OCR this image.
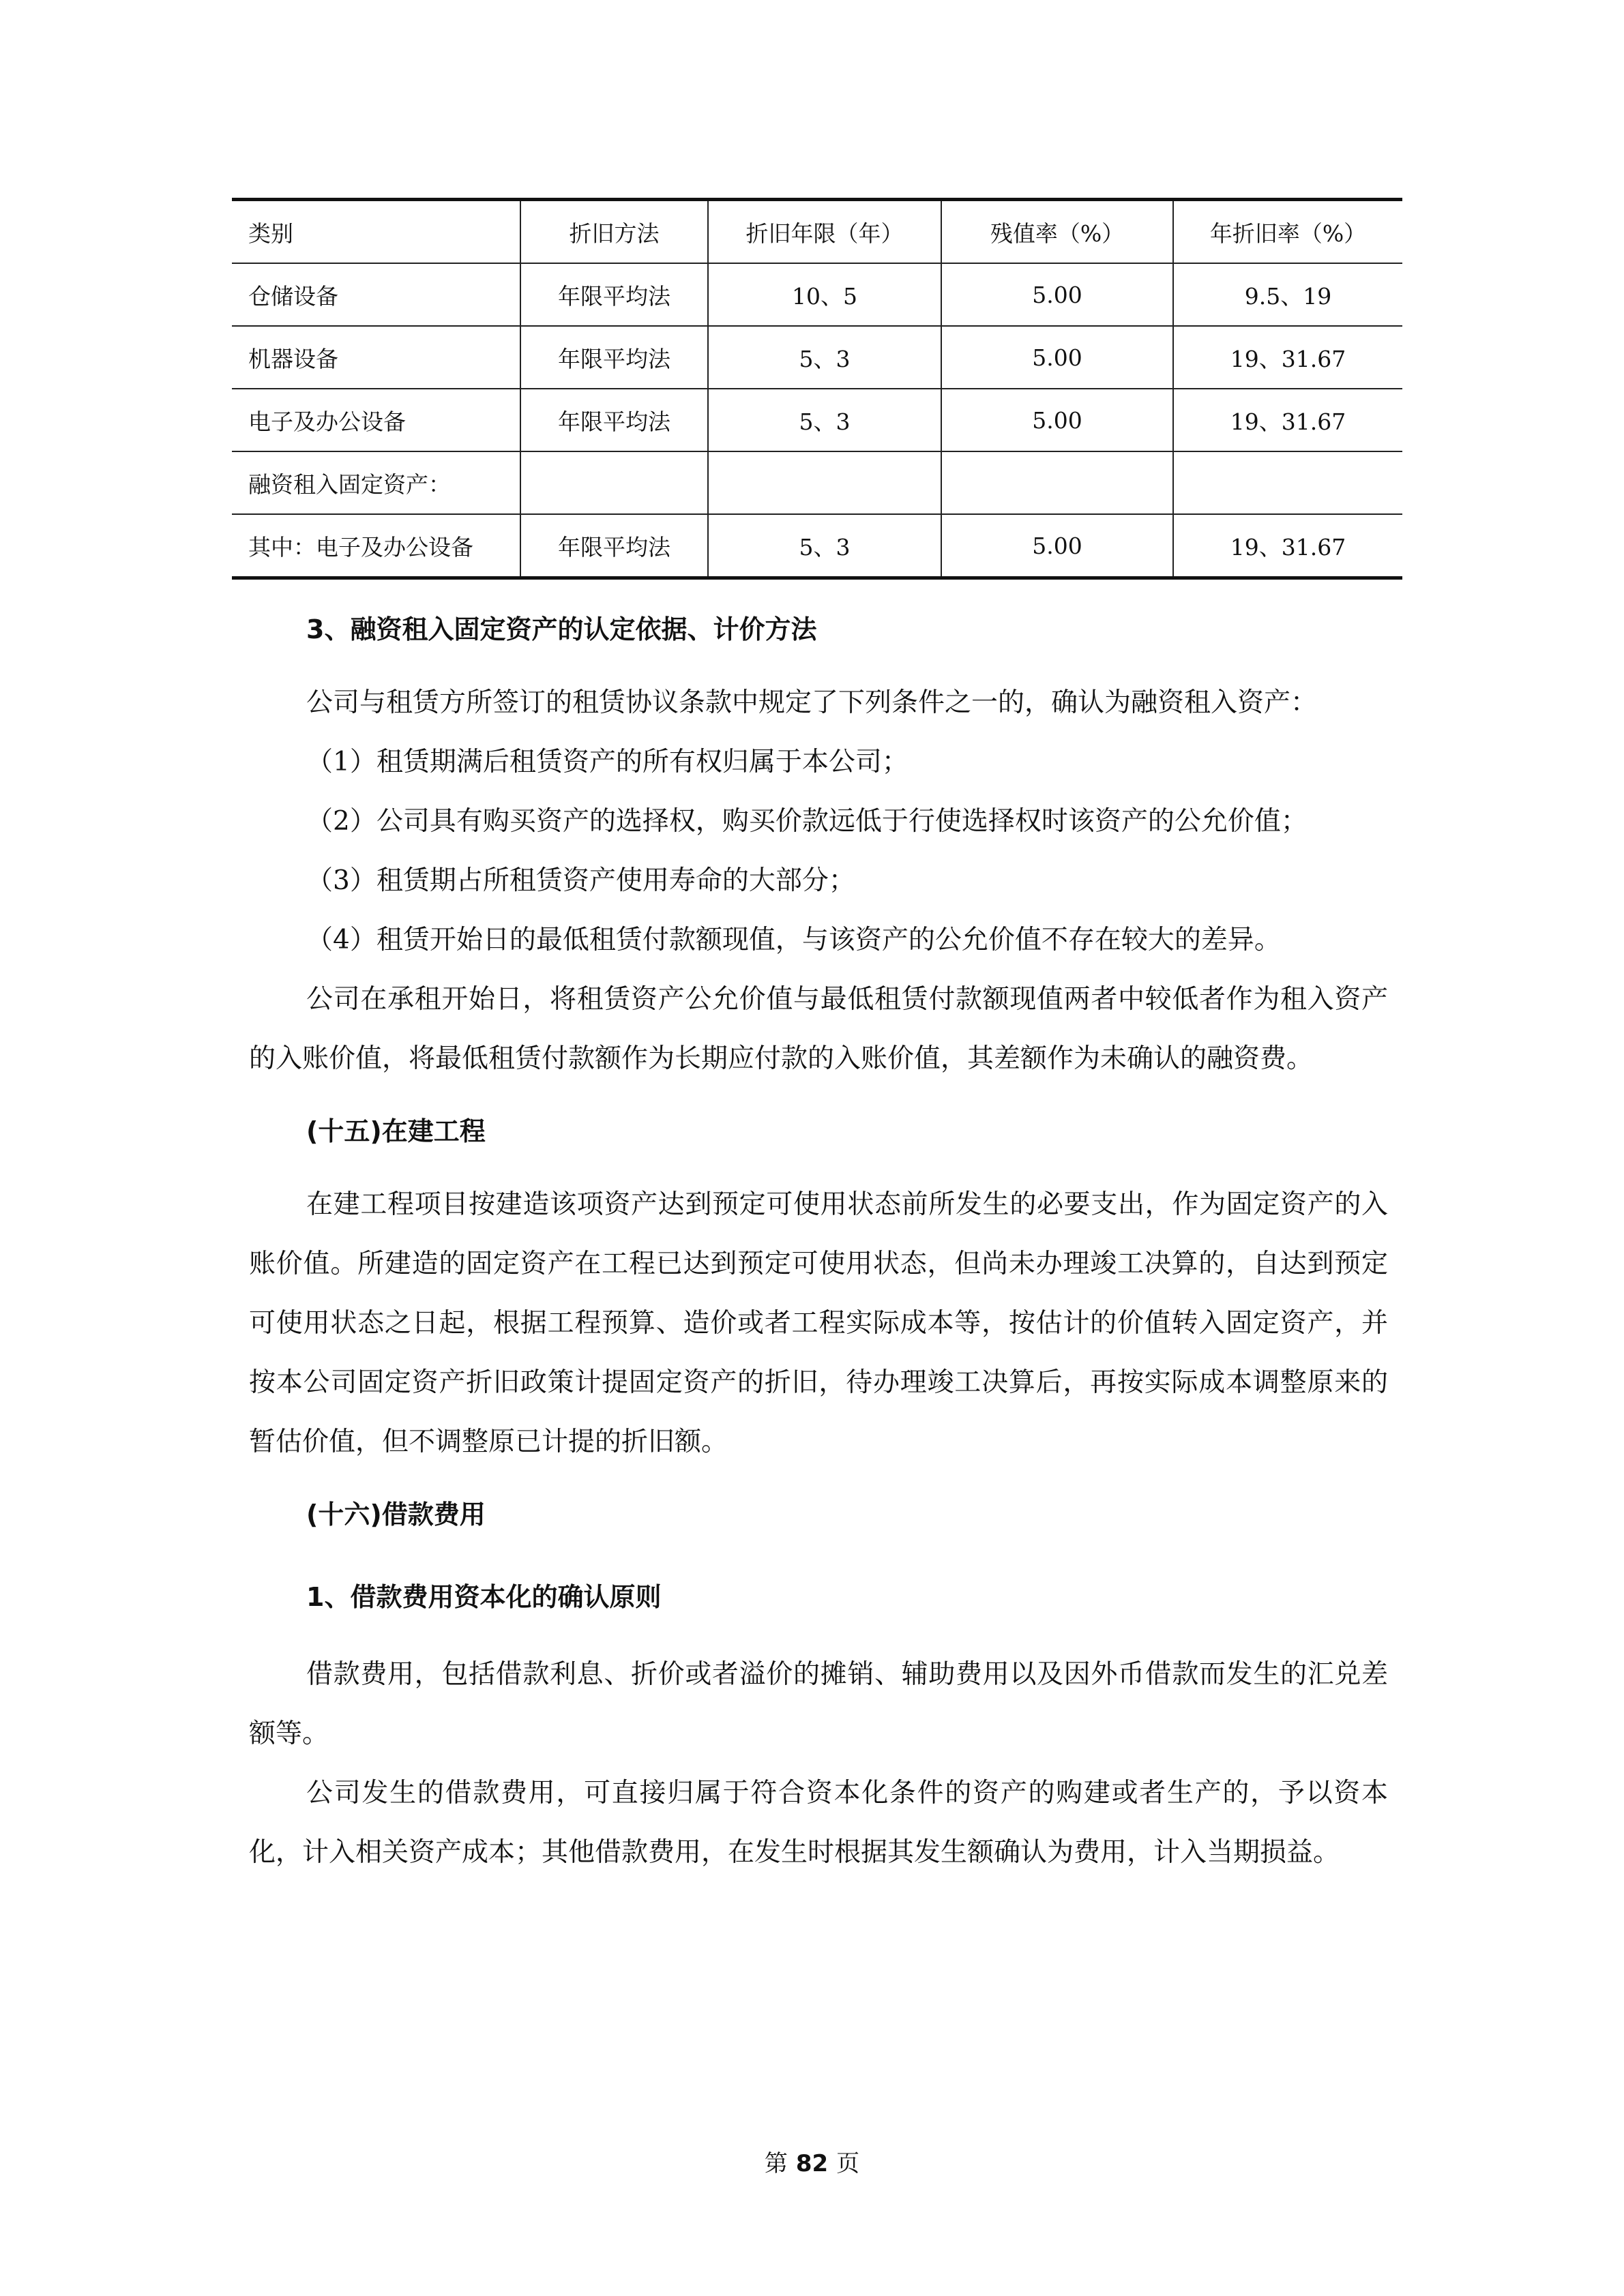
类别	折旧方法	折旧年限（年）	残值率（%）	年折旧率（%）
仓储设备	年限平均法	10、5	5.00	9.5、19
机器设备	年限平均法	5、3	5.00	19、31.67
电子及办公设备	年限平均法	5、3	5.00	19、31.67
融资租入固定资产：				
其中：电子及办公设备	年限平均法	5、3	5.00	19、31.67

3、融资租入固定资产的认定依据、计价方法

公司与租赁方所签订的租赁协议条款中规定了下列条件之一的，确认为融资租入资产：

（1）租赁期满后租赁资产的所有权归属于本公司；

（2）公司具有购买资产的选择权，购买价款远低于行使选择权时该资产的公允价值；

（3）租赁期占所租赁资产使用寿命的大部分；

（4）租赁开始日的最低租赁付款额现值，与该资产的公允价值不存在较大的差异。

公司在承租开始日，将租赁资产公允价值与最低租赁付款额现值两者中较低者作为租入资产的入账价值，将最低租赁付款额作为长期应付款的入账价值，其差额作为未确认的融资费。

(十五)在建工程

在建工程项目按建造该项资产达到预定可使用状态前所发生的必要支出，作为固定资产的入账价值。所建造的固定资产在工程已达到预定可使用状态，但尚未办理竣工决算的，自达到预定可使用状态之日起，根据工程预算、造价或者工程实际成本等，按估计的价值转入固定资产，并按本公司固定资产折旧政策计提固定资产的折旧，待办理竣工决算后，再按实际成本调整原来的暂估价值，但不调整原已计提的折旧额。

(十六)借款费用

1、借款费用资本化的确认原则

借款费用，包括借款利息、折价或者溢价的摊销、辅助费用以及因外币借款而发生的汇兑差额等。

公司发生的借款费用，可直接归属于符合资本化条件的资产的购建或者生产的，予以资本化，计入相关资产成本；其他借款费用，在发生时根据其发生额确认为费用，计入当期损益。

第 82 页
